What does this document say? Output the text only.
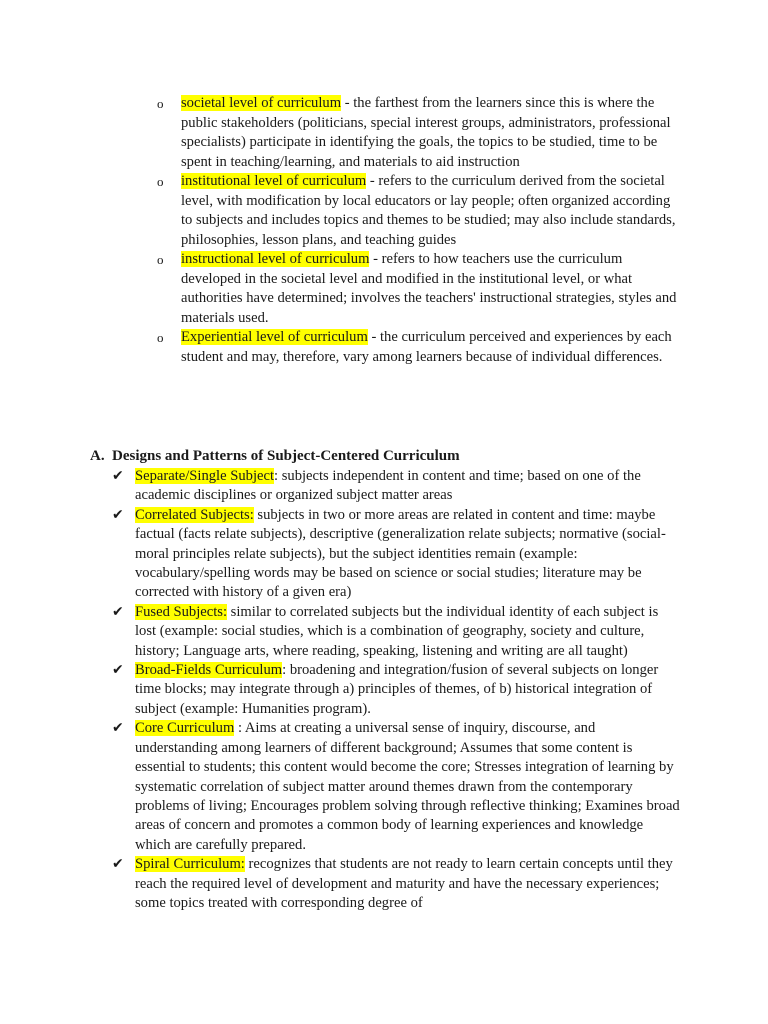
o societal level of curriculum - the farthest from the learners since this is where the public stakeholders (politicians, special interest groups, administrators, professional specialists) participate in identifying the goals, the topics to be studied, time to be spent in teaching/learning, and materials to aid instruction
o institutional level of curriculum - refers to the curriculum derived from the societal level, with modification by local educators or lay people; often organized according to subjects and includes topics and themes to be studied; may also include standards, philosophies, lesson plans, and teaching guides
o instructional level of curriculum - refers to how teachers use the curriculum developed in the societal level and modified in the institutional level, or what authorities have determined; involves the teachers' instructional strategies, styles and materials used.
o Experiential level of curriculum - the curriculum perceived and experiences by each student and may, therefore, vary among learners because of individual differences.
A. Designs and Patterns of Subject-Centered Curriculum
✔ Separate/Single Subject: subjects independent in content and time; based on one of the academic disciplines or organized subject matter areas
✔ Correlated Subjects: subjects in two or more areas are related in content and time: maybe factual (facts relate subjects), descriptive (generalization relate subjects; normative (social-moral principles relate subjects), but the subject identities remain (example: vocabulary/spelling words may be based on science or social studies; literature may be corrected with history of a given era)
✔ Fused Subjects: similar to correlated subjects but the individual identity of each subject is lost (example: social studies, which is a combination of geography, society and culture, history; Language arts, where reading, speaking, listening and writing are all taught)
✔ Broad-Fields Curriculum: broadening and integration/fusion of several subjects on longer time blocks; may integrate through a) principles of themes, of b) historical integration of subject (example: Humanities program).
✔ Core Curriculum : Aims at creating a universal sense of inquiry, discourse, and understanding among learners of different background; Assumes that some content is essential to students; this content would become the core; Stresses integration of learning by systematic correlation of subject matter around themes drawn from the contemporary problems of living; Encourages problem solving through reflective thinking; Examines broad areas of concern and promotes a common body of learning experiences and knowledge which are carefully prepared.
✔ Spiral Curriculum: recognizes that students are not ready to learn certain concepts until they reach the required level of development and maturity and have the necessary experiences; some topics treated with corresponding degree of
